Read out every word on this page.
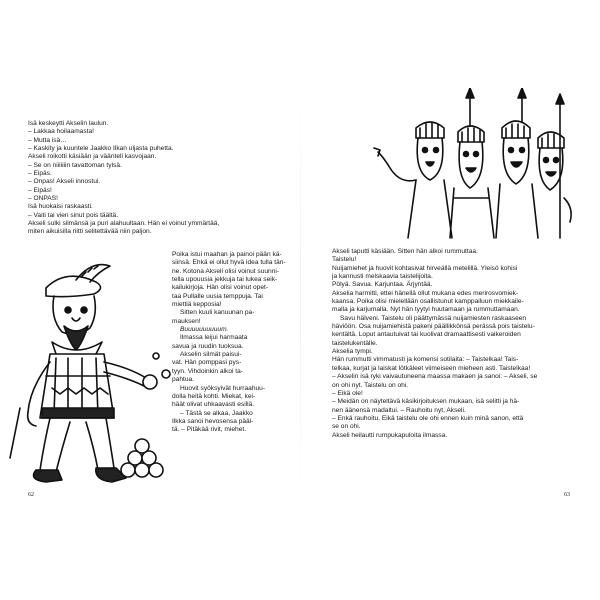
Isä keskeytti Akselin laulun.

– Lakkaa hoilaamasta!

– Mutta isä…

– Kaskity ja kuuntele Jaakko Ilkan uljasta puhetta.

Akseli roikotti käsiään ja vääntelі kasvojaan.

– Se on niiiiiiin tavattoman tylsä.

– Eipäs.

– Onpas! Akseli innostui.

– Eipäs!

– ONPAS!

Isä huokaisi raskaasti.

– Vaiti tai vien sinut pois täältä.

Akseli sulki silmänsä ja puri alahuultaan. Hän ei voinut ymmärtää,

miten aikuisilla riitti selitettävää niin paljon.

Poika istui maahan ja painoi pään kä-

siinsä. Ehkä ei ollut hyvä idea tulla tän-

ne. Kotona Akseli olisi voinut suunni-

tella upouusia jekkuja tai lukea seik-

kailukirjoja. Hän olisi voinut opet-

taa Pullalle uusia temppuja. Tai

miettiä kepposia!

Sitten kuuli kanuunan pa-

mauksen!

Buuuuuuuuuum.

Ilmassa leijui harmaata

savua ja ruudin tuoksua.

Akselin silmät paisui-

vat. Hän pomppasi pys-

tyyn. Vihdoinkin alkoi ta-

pahtua.

Huovit syöksyivät hurraahuu-

dolla heitä kohti. Miekat, kei-

häät olivat uhkaavasti esillä.

– Tästä se alkaa, Jaakko

Ilkka sanoi hevosensa pääl-

tä. – Pitäkää rivit, miehet.

62

Akseli taputti käsiään. Sitten hän alkoi rummuttaa.

Taistelu!

Nuijamiehet ja huovit kohtasivat hirveällä metelillä. Yleisö kohisi

ja kannusti melskaavia taistelijoita.

Pölyä. Savua. Karjuntaa. Ärjyntää.

Akselia harmitti, ettei hänellä ollut mukana edes merirosvomiek-

kaansa. Poika olisi mielellään osallistunut kamppailuun miekkaile-

malla ja karjumalla. Nyt hän tyytyi huutamaan ja rummuttamaan.

Savu hälveni. Taistelu oli päättymässä nuijamiesten raskaaseen

häviöön. Osa nuijamiehistä pakeni päällikkönsä perässä pois taistelu-

kentältä. Loput antautuivat tai kuolivat dramaattisesti vaikeroiden

taistelukentälle.

Akselia tympi.

Hän rummutti vimmatusti ja komensi sotilaita: – Taistelkaa! Tais-

telkaa, kurjat ja laiskat lötkäleet viimeiseen mieheen asti. Taistelkaa!

– Akselin isä ryki vaivautuneena maassa makaen ja sanoi: – Akseli, se

on ohi nyt. Taistelu on ohi.

– Eikä ole!

– Meidän on näyteltävä käsikirjoituksen mukaan, isä selitti ja hä-

nen äänensä madaltui. – Rauhoitu nyt, Akseli.

– Enkä rauhoitu. Eikä taistelu ole ohi ennen kuin minä sanon, että

se on ohi.

Akseli heilautti rumpukapuloita ilmassa.

63
